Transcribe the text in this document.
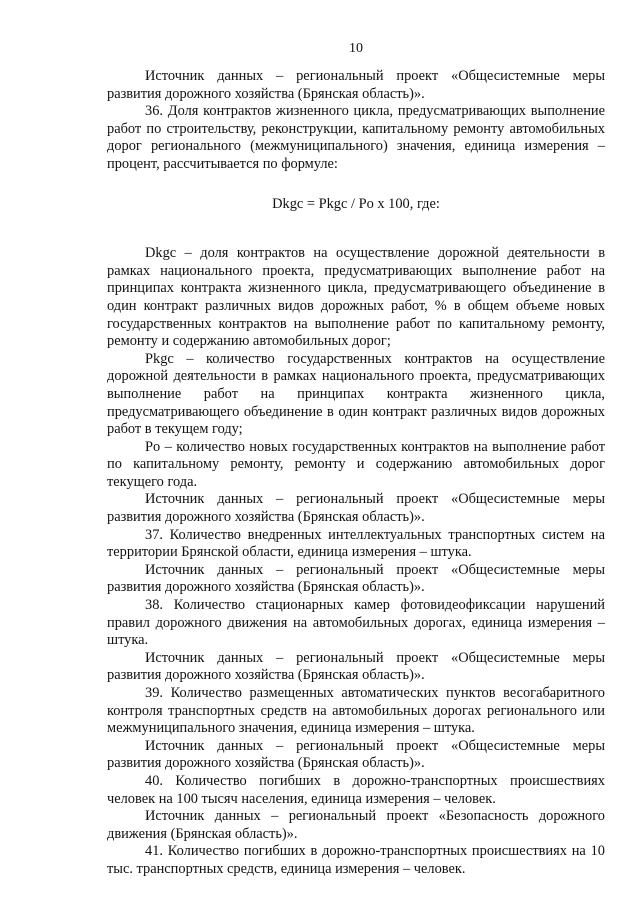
10

Источник данных – региональный проект «Общесистемные меры развития дорожного хозяйства (Брянская область)».

36. Доля контрактов жизненного цикла, предусматривающих выполнение работ по строительству, реконструкции, капитальному ремонту автомобильных дорог регионального (межмуниципального) значения, единица измерения – процент, рассчитывается по формуле:

Dkgc = Pkgc / Po x 100, где:

Dkgc – доля контрактов на осуществление дорожной деятельности в рамках национального проекта, предусматривающих выполнение работ на принципах контракта жизненного цикла, предусматривающего объединение в один контракт различных видов дорожных работ, % в общем объеме новых государственных контрактов на выполнение работ по капитальному ремонту, ремонту и содержанию автомобильных дорог;

Pkgc – количество государственных контрактов на осуществление дорожной деятельности в рамках национального проекта, предусматривающих выполнение работ на принципах контракта жизненного цикла, предусматривающего объединение в один контракт различных видов дорожных работ в текущем году;

Po – количество новых государственных контрактов на выполнение работ по капитальному ремонту, ремонту и содержанию автомобильных дорог текущего года.

Источник данных – региональный проект «Общесистемные меры развития дорожного хозяйства (Брянская область)».

37. Количество внедренных интеллектуальных транспортных систем на территории Брянской области, единица измерения – штука.

Источник данных – региональный проект «Общесистемные меры развития дорожного хозяйства (Брянская область)».

38. Количество стационарных камер фотовидеофиксации нарушений правил дорожного движения на автомобильных дорогах, единица измерения – штука.

Источник данных – региональный проект «Общесистемные меры развития дорожного хозяйства (Брянская область)».

39. Количество размещенных автоматических пунктов весогабаритного контроля транспортных средств на автомобильных дорогах регионального или межмуниципального значения, единица измерения – штука.

Источник данных – региональный проект «Общесистемные меры развития дорожного хозяйства (Брянская область)».

40. Количество погибших в дорожно-транспортных происшествиях человек на 100 тысяч населения, единица измерения – человек.

Источник данных – региональный проект «Безопасность дорожного движения (Брянская область)».

41. Количество погибших в дорожно-транспортных происшествиях на 10 тыс. транспортных средств, единица измерения – человек.
